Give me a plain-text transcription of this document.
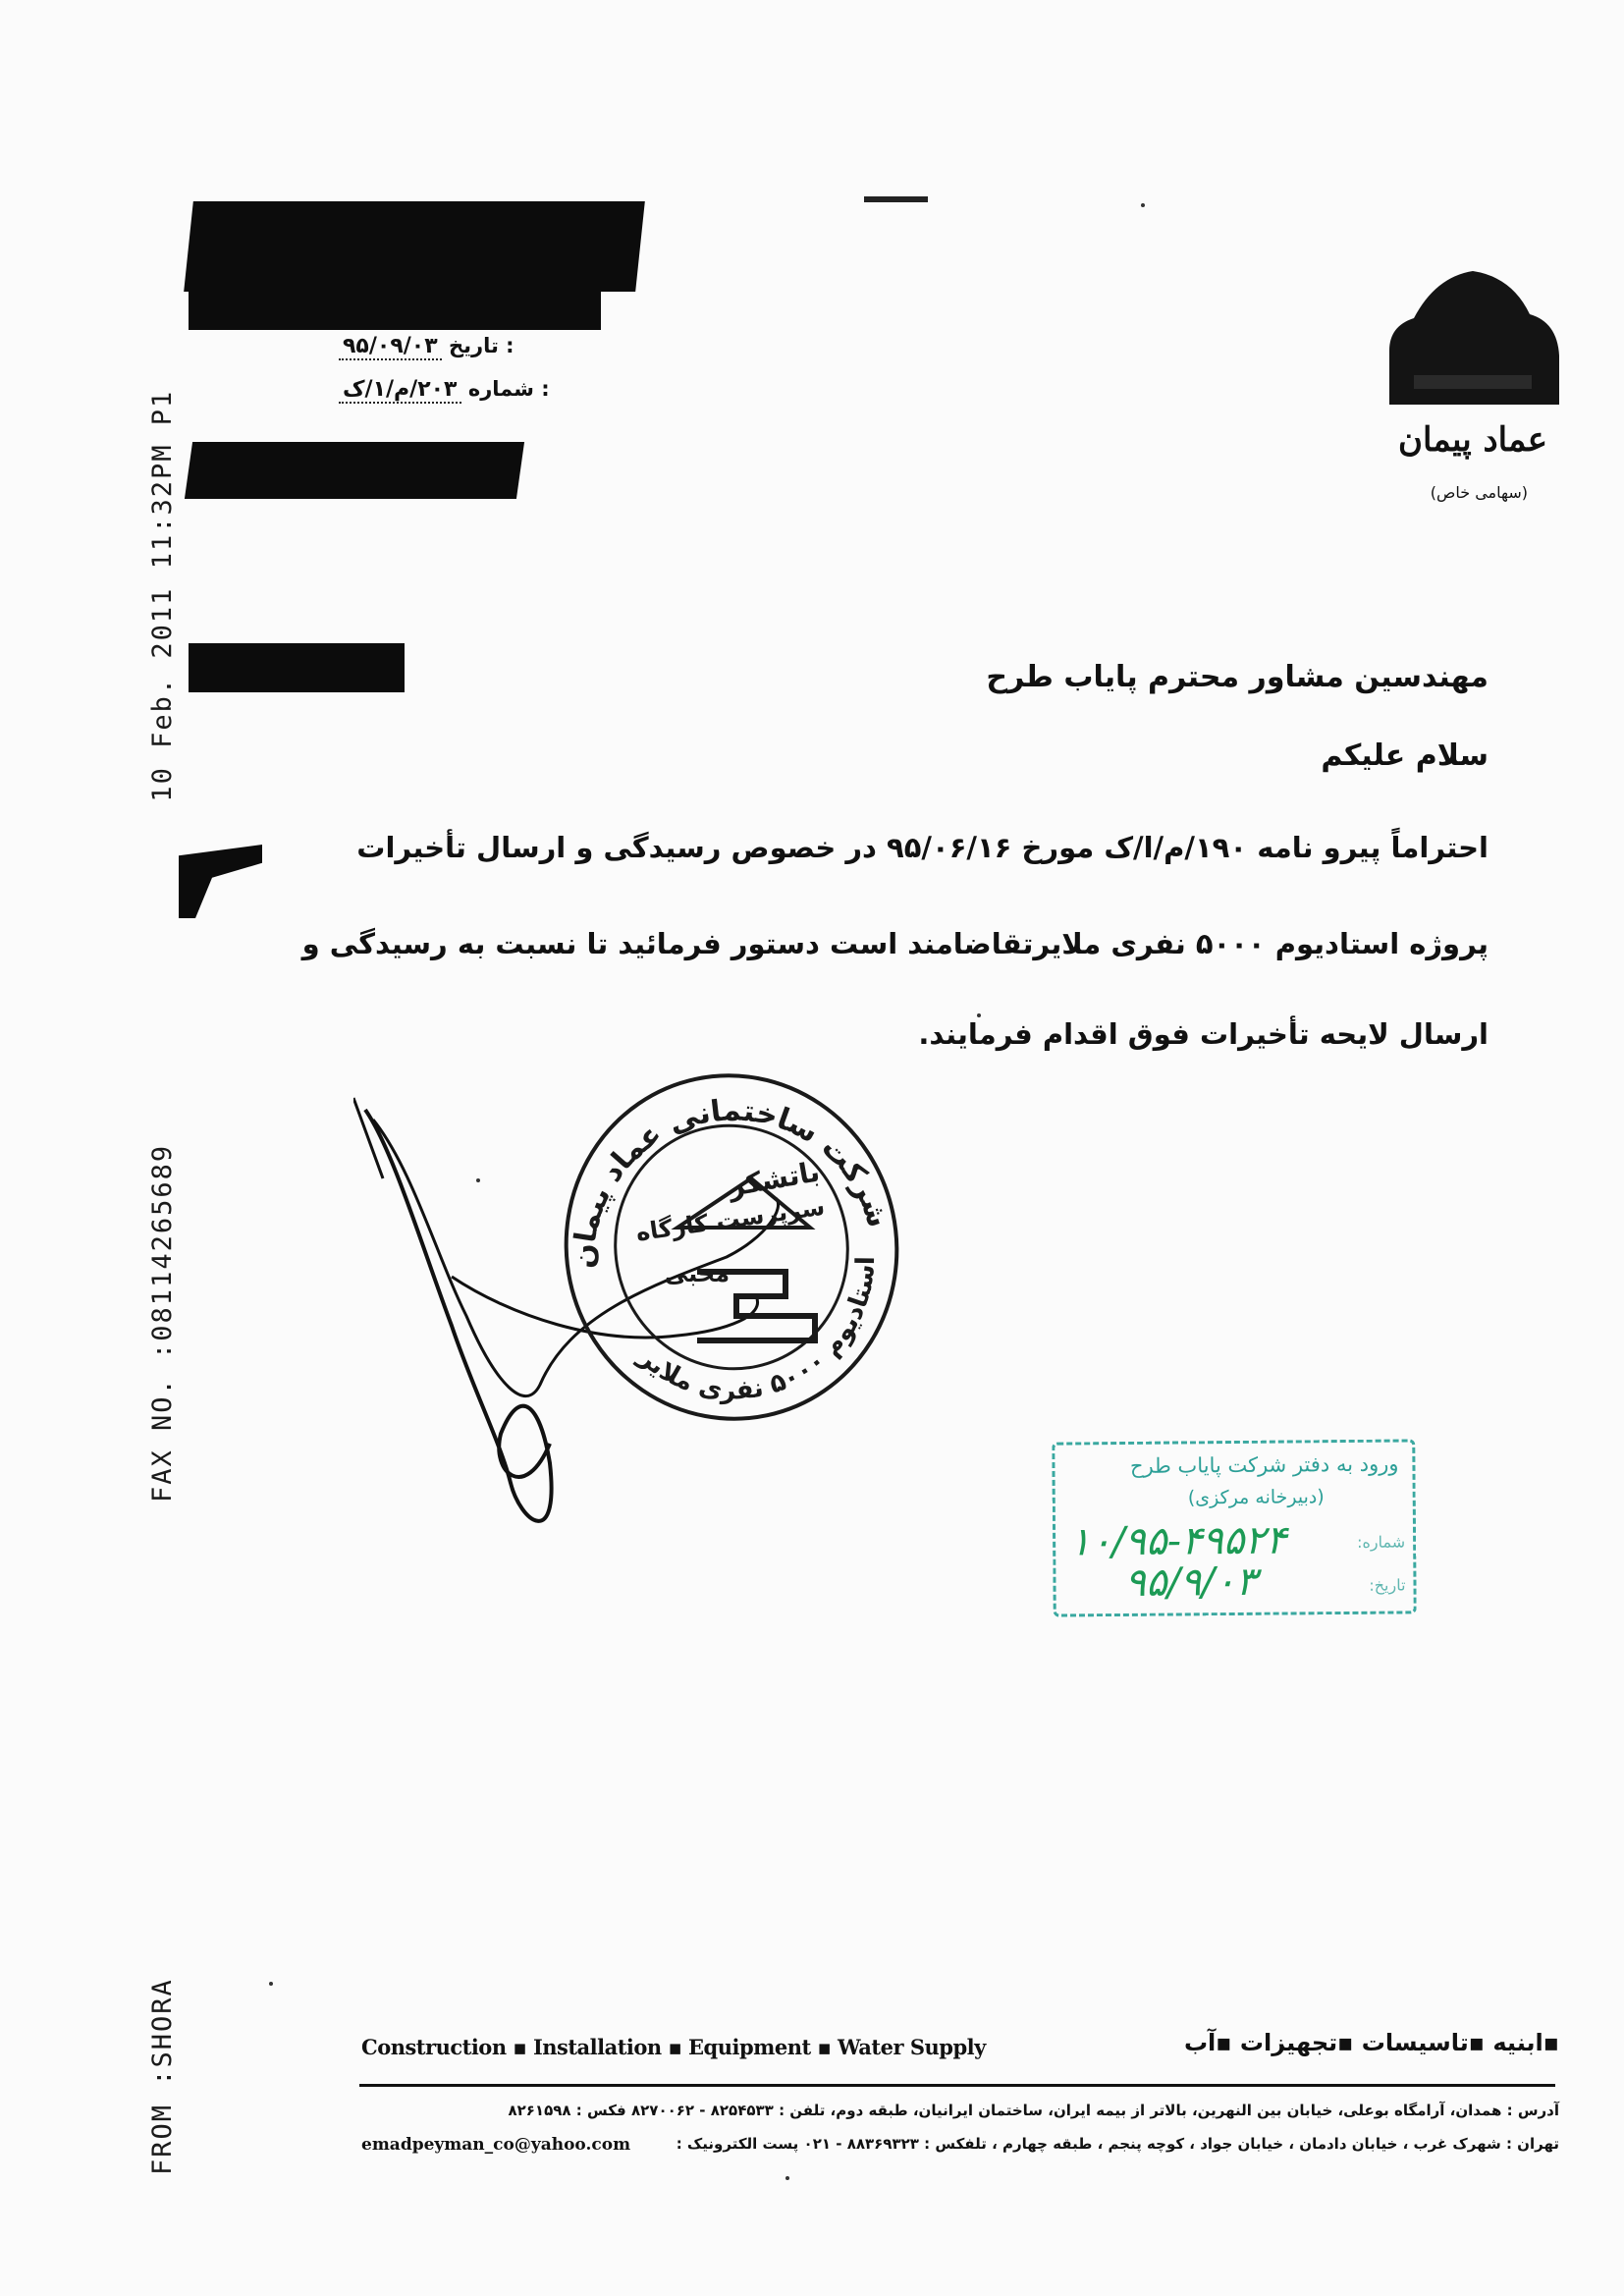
FAX NO. :08114265689 10 Feb. 2011 11:32PM P1
FROM :SHORA
: تاریخ ۹۵/۰۹/۰۳
: شماره ۲۰۳/م/۱/ک
عماد پیمان
(سهامی خاص)
مهندسین مشاور محترم پایاب طرح
سلام علیکم
احتراماً پیرو نامه ۱۹۰/م/ا/ک مورخ ۹۵/۰۶/۱۶ در خصوص رسیدگی و ارسال تأخیرات
پروژه استادیوم ۵۰۰۰ نفری ملایرتقاضامند است دستور فرمائید تا نسبت به رسیدگی و
ارسال لایحه تأخیرات فوق اقدام فرمایند.
شرکت ساختمانی عماد پیمان
استادیوم ۵۰۰۰ نفری ملایر
باتشکر
سرپرست کارگاه
محبی
ورود به دفتر شرکت پایاب طرح
(دبیرخانه مرکزی)
شماره:
۱۰/۹۵-۴۹۵۲۴
تاریخ:
۹۵/۹/۰۳
Construction ▪ Installation ▪ Equipment ▪ Water Supply	▪ابنیه ▪تاسیسات ▪تجهیزات ▪آب
آدرس : همدان، آرامگاه بوعلی، خیابان بین النهرین، بالاتر از بیمه ایران، ساختمان ایرانیان، طبقه دوم، تلفن : ۸۲۵۴۵۳۳ - ۸۲۷۰۰۶۲ فکس : ۸۲۶۱۵۹۸
تهران : شهرک غرب ، خیابان دادمان ، خیابان جواد ، کوچه پنجم ، طبقه چهارم ، تلفکس : ۸۸۳۶۹۳۲۳ - ۰۲۱ پست الکترونیک :
emadpeyman_co@yahoo.com
